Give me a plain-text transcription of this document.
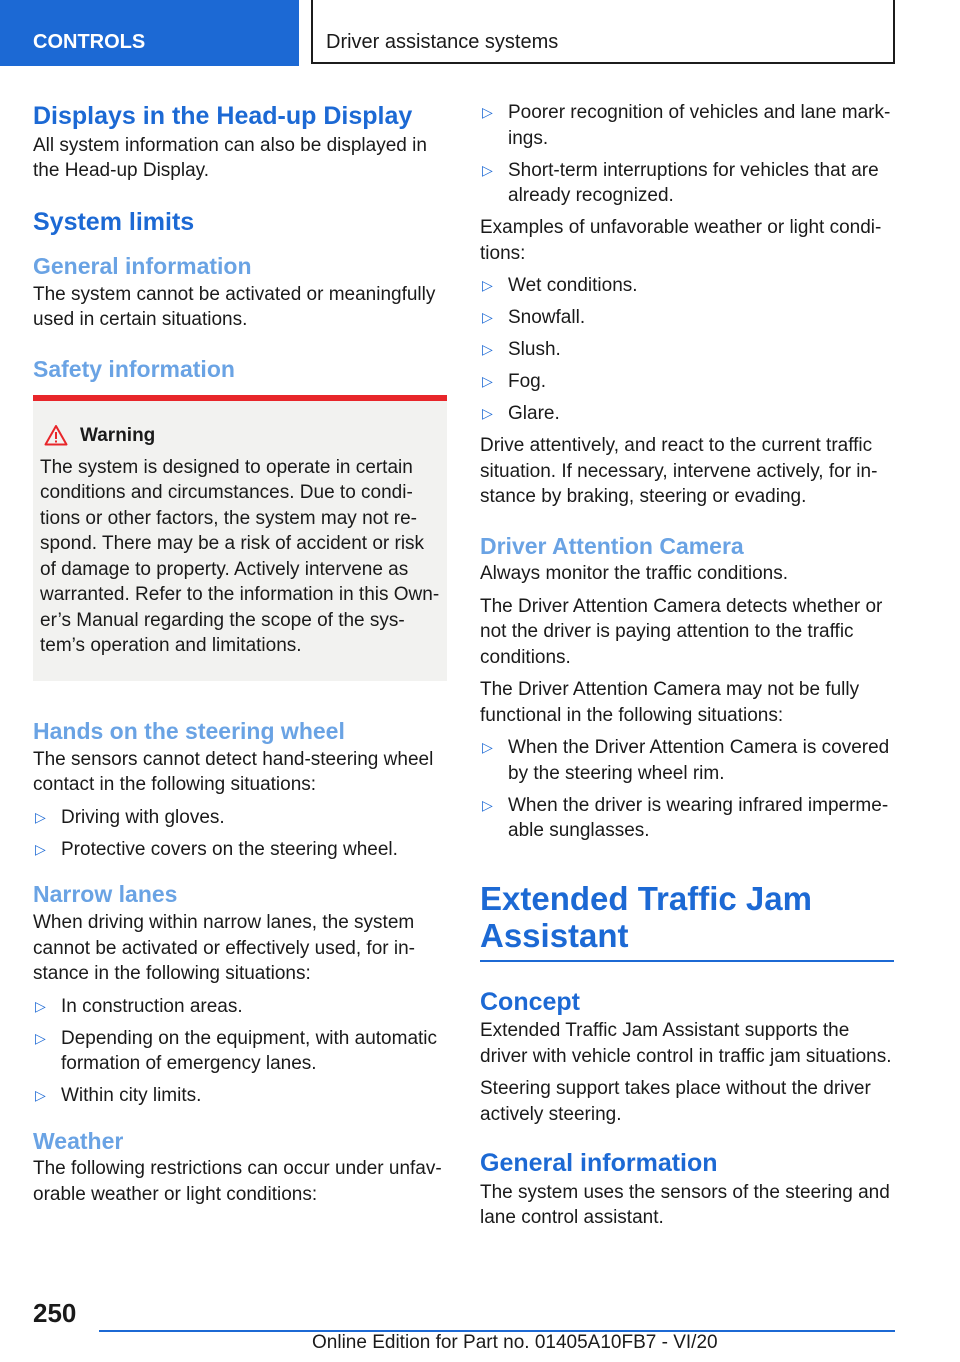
CONTROLS	Driver assistance systems
Displays in the Head-up Display

All system information can also be displayed in the Head-up Display.

System limits
General information

The system cannot be activated or meaningfully used in certain situations.

Safety information
Warning

The system is designed to operate in certain conditions and circumstances. Due to conditions or other factors, the system may not respond. There may be a risk of accident or risk of damage to property. Actively intervene as warranted. Refer to the information in this Owner’s Manual regarding the scope of the system’s operation and limitations.

Hands on the steering wheel

The sensors cannot detect hand-steering wheel contact in the following situations:

▷ Driving with gloves.
▷ Protective covers on the steering wheel.
Narrow lanes

When driving within narrow lanes, the system cannot be activated or effectively used, for instance in the following situations:

▷ In construction areas.
▷ Depending on the equipment, with automatic formation of emergency lanes.
▷ Within city limits.
Weather

The following restrictions can occur under unfavorable weather or light conditions:

▷ Poorer recognition of vehicles and lane markings.
▷ Short-term interruptions for vehicles that are already recognized.

Examples of unfavorable weather or light conditions:

▷ Wet conditions.
▷ Snowfall.
▷ Slush.
▷ Fog.
▷ Glare.

Drive attentively, and react to the current traffic situation. If necessary, intervene actively, for instance by braking, steering or evading.

Driver Attention Camera

Always monitor the traffic conditions.

The Driver Attention Camera detects whether or not the driver is paying attention to the traffic conditions.

The Driver Attention Camera may not be fully functional in the following situations:

▷ When the Driver Attention Camera is covered by the steering wheel rim.
▷ When the driver is wearing infrared impermeable sunglasses.
Extended Traffic Jam Assistant
Concept

Extended Traffic Jam Assistant supports the driver with vehicle control in traffic jam situations.

Steering support takes place without the driver actively steering.

General information

The system uses the sensors of the steering and lane control assistant.

250
Online Edition for Part no. 01405A10FB7 - VI/20
